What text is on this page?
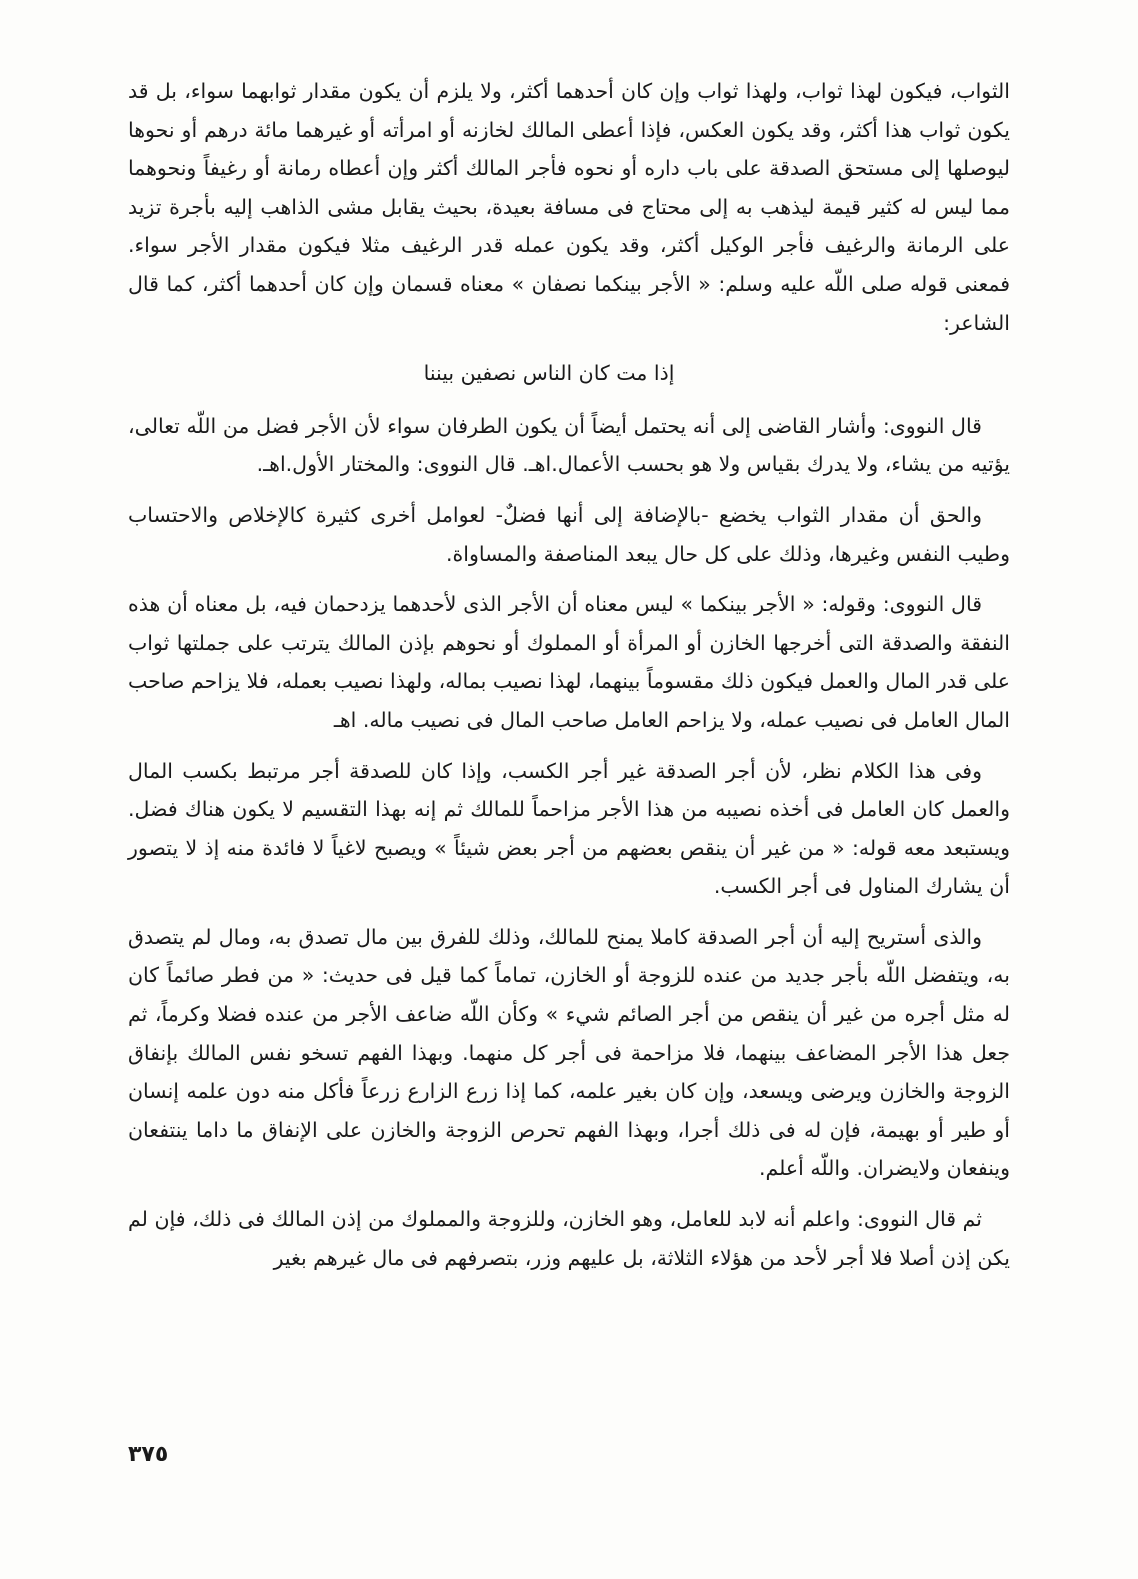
الثواب، فيكون لهذا ثواب، ولهذا ثواب وإن كان أحدهما أكثر، ولا يلزم أن يكون مقدار ثوابهما سواء، بل قد يكون ثواب هذا أكثر، وقد يكون العكس، فإذا أعطى المالك لخازنه أو امرأته أو غيرهما مائة درهم أو نحوها ليوصلها إلى مستحق الصدقة على باب داره أو نحوه فأجر المالك أكثر وإن أعطاه رمانة أو رغيفاً ونحوهما مما ليس له كثير قيمة ليذهب به إلى محتاج فى مسافة بعيدة، بحيث يقابل مشى الذاهب إليه بأجرة تزيد على الرمانة والرغيف فأجر الوكيل أكثر، وقد يكون عمله قدر الرغيف مثلا فيكون مقدار الأجر سواء. فمعنى قوله صلى اللّه عليه وسلم: « الأجر بينكما نصفان » معناه قسمان وإن كان أحدهما أكثر، كما قال الشاعر:

إذا مت كان الناس نصفين بيننا

قال النووى: وأشار القاضى إلى أنه يحتمل أيضاً أن يكون الطرفان سواء لأن الأجر فضل من اللّه تعالى، يؤتيه من يشاء، ولا يدرك بقياس ولا هو بحسب الأعمال.اهـ. قال النووى: والمختار الأول.اهـ.

والحق أن مقدار الثواب يخضع -بالإضافة إلى أنها فضلٌ- لعوامل أخرى كثيرة كالإخلاص والاحتساب وطيب النفس وغيرها، وذلك على كل حال يبعد المناصفة والمساواة.

قال النووى: وقوله: « الأجر بينكما » ليس معناه أن الأجر الذى لأحدهما يزدحمان فيه، بل معناه أن هذه النفقة والصدقة التى أخرجها الخازن أو المرأة أو المملوك أو نحوهم بإذن المالك يترتب على جملتها ثواب على قدر المال والعمل فيكون ذلك مقسوماً بينهما، لهذا نصيب بماله، ولهذا نصيب بعمله، فلا يزاحم صاحب المال العامل فى نصيب عمله، ولا يزاحم العامل صاحب المال فى نصيب ماله. اهـ

وفى هذا الكلام نظر، لأن أجر الصدقة غير أجر الكسب، وإذا كان للصدقة أجر مرتبط بكسب المال والعمل كان العامل فى أخذه نصيبه من هذا الأجر مزاحماً للمالك ثم إنه بهذا التقسيم لا يكون هناك فضل. ويستبعد معه قوله: « من غير أن ينقص بعضهم من أجر بعض شيئاً » ويصبح لاغياً لا فائدة منه إذ لا يتصور أن يشارك المناول فى أجر الكسب.

والذى أستريح إليه أن أجر الصدقة كاملا يمنح للمالك، وذلك للفرق بين مال تصدق به، ومال لم يتصدق به، ويتفضل اللّه بأجر جديد من عنده للزوجة أو الخازن، تماماً كما قيل فى حديث: « من فطر صائماً كان له مثل أجره من غير أن ينقص من أجر الصائم شيء » وكأن اللّه ضاعف الأجر من عنده فضلا وكرماً، ثم جعل هذا الأجر المضاعف بينهما، فلا مزاحمة فى أجر كل منهما. وبهذا الفهم تسخو نفس المالك بإنفاق الزوجة والخازن ويرضى ويسعد، وإن كان بغير علمه، كما إذا زرع الزارع زرعاً فأكل منه دون علمه إنسان أو طير أو بهيمة، فإن له فى ذلك أجرا، وبهذا الفهم تحرص الزوجة والخازن على الإنفاق ما داما ينتفعان وينفعان ولايضران. واللّه أعلم.

ثم قال النووى: واعلم أنه لابد للعامل، وهو الخازن، وللزوجة والمملوك من إذن المالك فى ذلك، فإن لم يكن إذن أصلا فلا أجر لأحد من هؤلاء الثلاثة، بل عليهم وزر، بتصرفهم فى مال غيرهم بغير

٣٧٥
